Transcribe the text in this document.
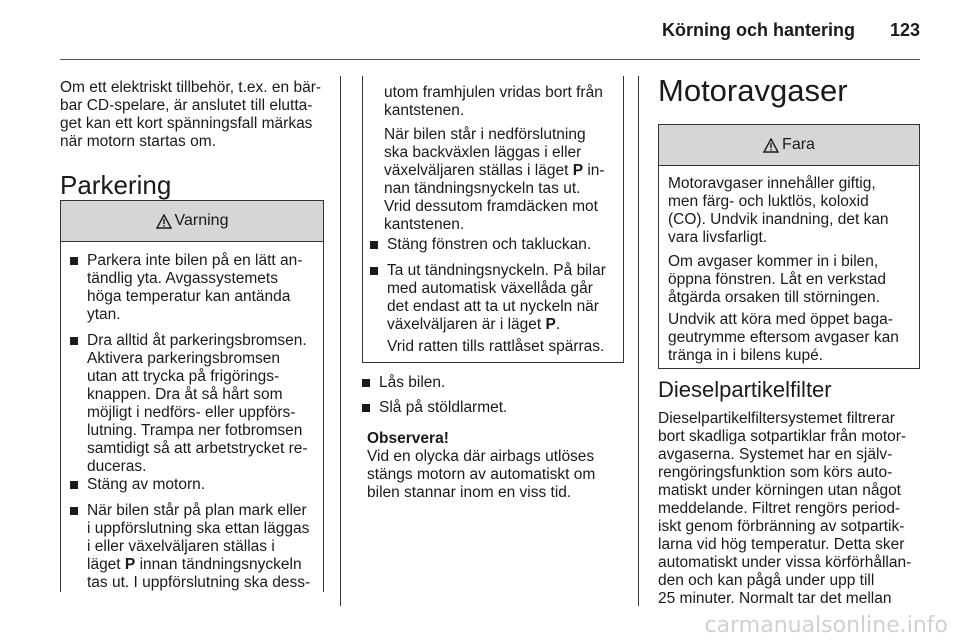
Körning och hantering 123
Om ett elektriskt tillbehör, t.ex. en bär-
bar CD-spelare, är anslutet till elutta-
get kan ett kort spänningsfall märkas
när motorn startas om.
Parkering
Varning
Parkera inte bilen på en lätt an-
tändlig yta. Avgassystemets
höga temperatur kan antända
ytan.
Dra alltid åt parkeringsbromsen.
Aktivera parkeringsbromsen
utan att trycka på frigörings-
knappen. Dra åt så hårt som
möjligt i nedförs- eller uppförs-
lutning. Trampa ner fotbromsen
samtidigt så att arbetstrycket re-
duceras.
Stäng av motorn.
När bilen står på plan mark eller
i uppförslutning ska ettan läggas
i eller växelväljaren ställas i
läget P innan tändningsnyckeln
tas ut. I uppförslutning ska dess-
utom framhjulen vridas bort från
kantstenen.
När bilen står i nedförslutning
ska backväxlen läggas i eller
växelväljaren ställas i läget P in-
nan tändningsnyckeln tas ut.
Vrid dessutom framdäcken mot
kantstenen.
Stäng fönstren och takluckan.
Ta ut tändningsnyckeln. På bilar
med automatisk växellåda går
det endast att ta ut nyckeln när
växelväljaren är i läget P.
Vrid ratten tills rattlåset spärras.
Lås bilen.
Slå på stöldlarmet.
Observera!
Vid en olycka där airbags utlöses
stängs motorn av automatiskt om
bilen stannar inom en viss tid.
Motoravgaser
Fara
Motoravgaser innehåller giftig,
men färg- och luktlös, koloxid
(CO). Undvik inandning, det kan
vara livsfarligt.
Om avgaser kommer in i bilen,
öppna fönstren. Låt en verkstad
åtgärda orsaken till störningen.
Undvik att köra med öppet baga-
geutrymme eftersom avgaser kan
tränga in i bilens kupé.
Dieselpartikelfilter
Dieselpartikelfiltersystemet filtrerar
bort skadliga sotpartiklar från motor-
avgaserna. Systemet har en själv-
rengöringsfunktion som körs auto-
matiskt under körningen utan något
meddelande. Filtret rengörs period-
iskt genom förbränning av sotpartik-
larna vid hög temperatur. Detta sker
automatiskt under vissa körförhållan-
den och kan pågå under upp till
25 minuter. Normalt tar det mellan
carmanualsonline.info
